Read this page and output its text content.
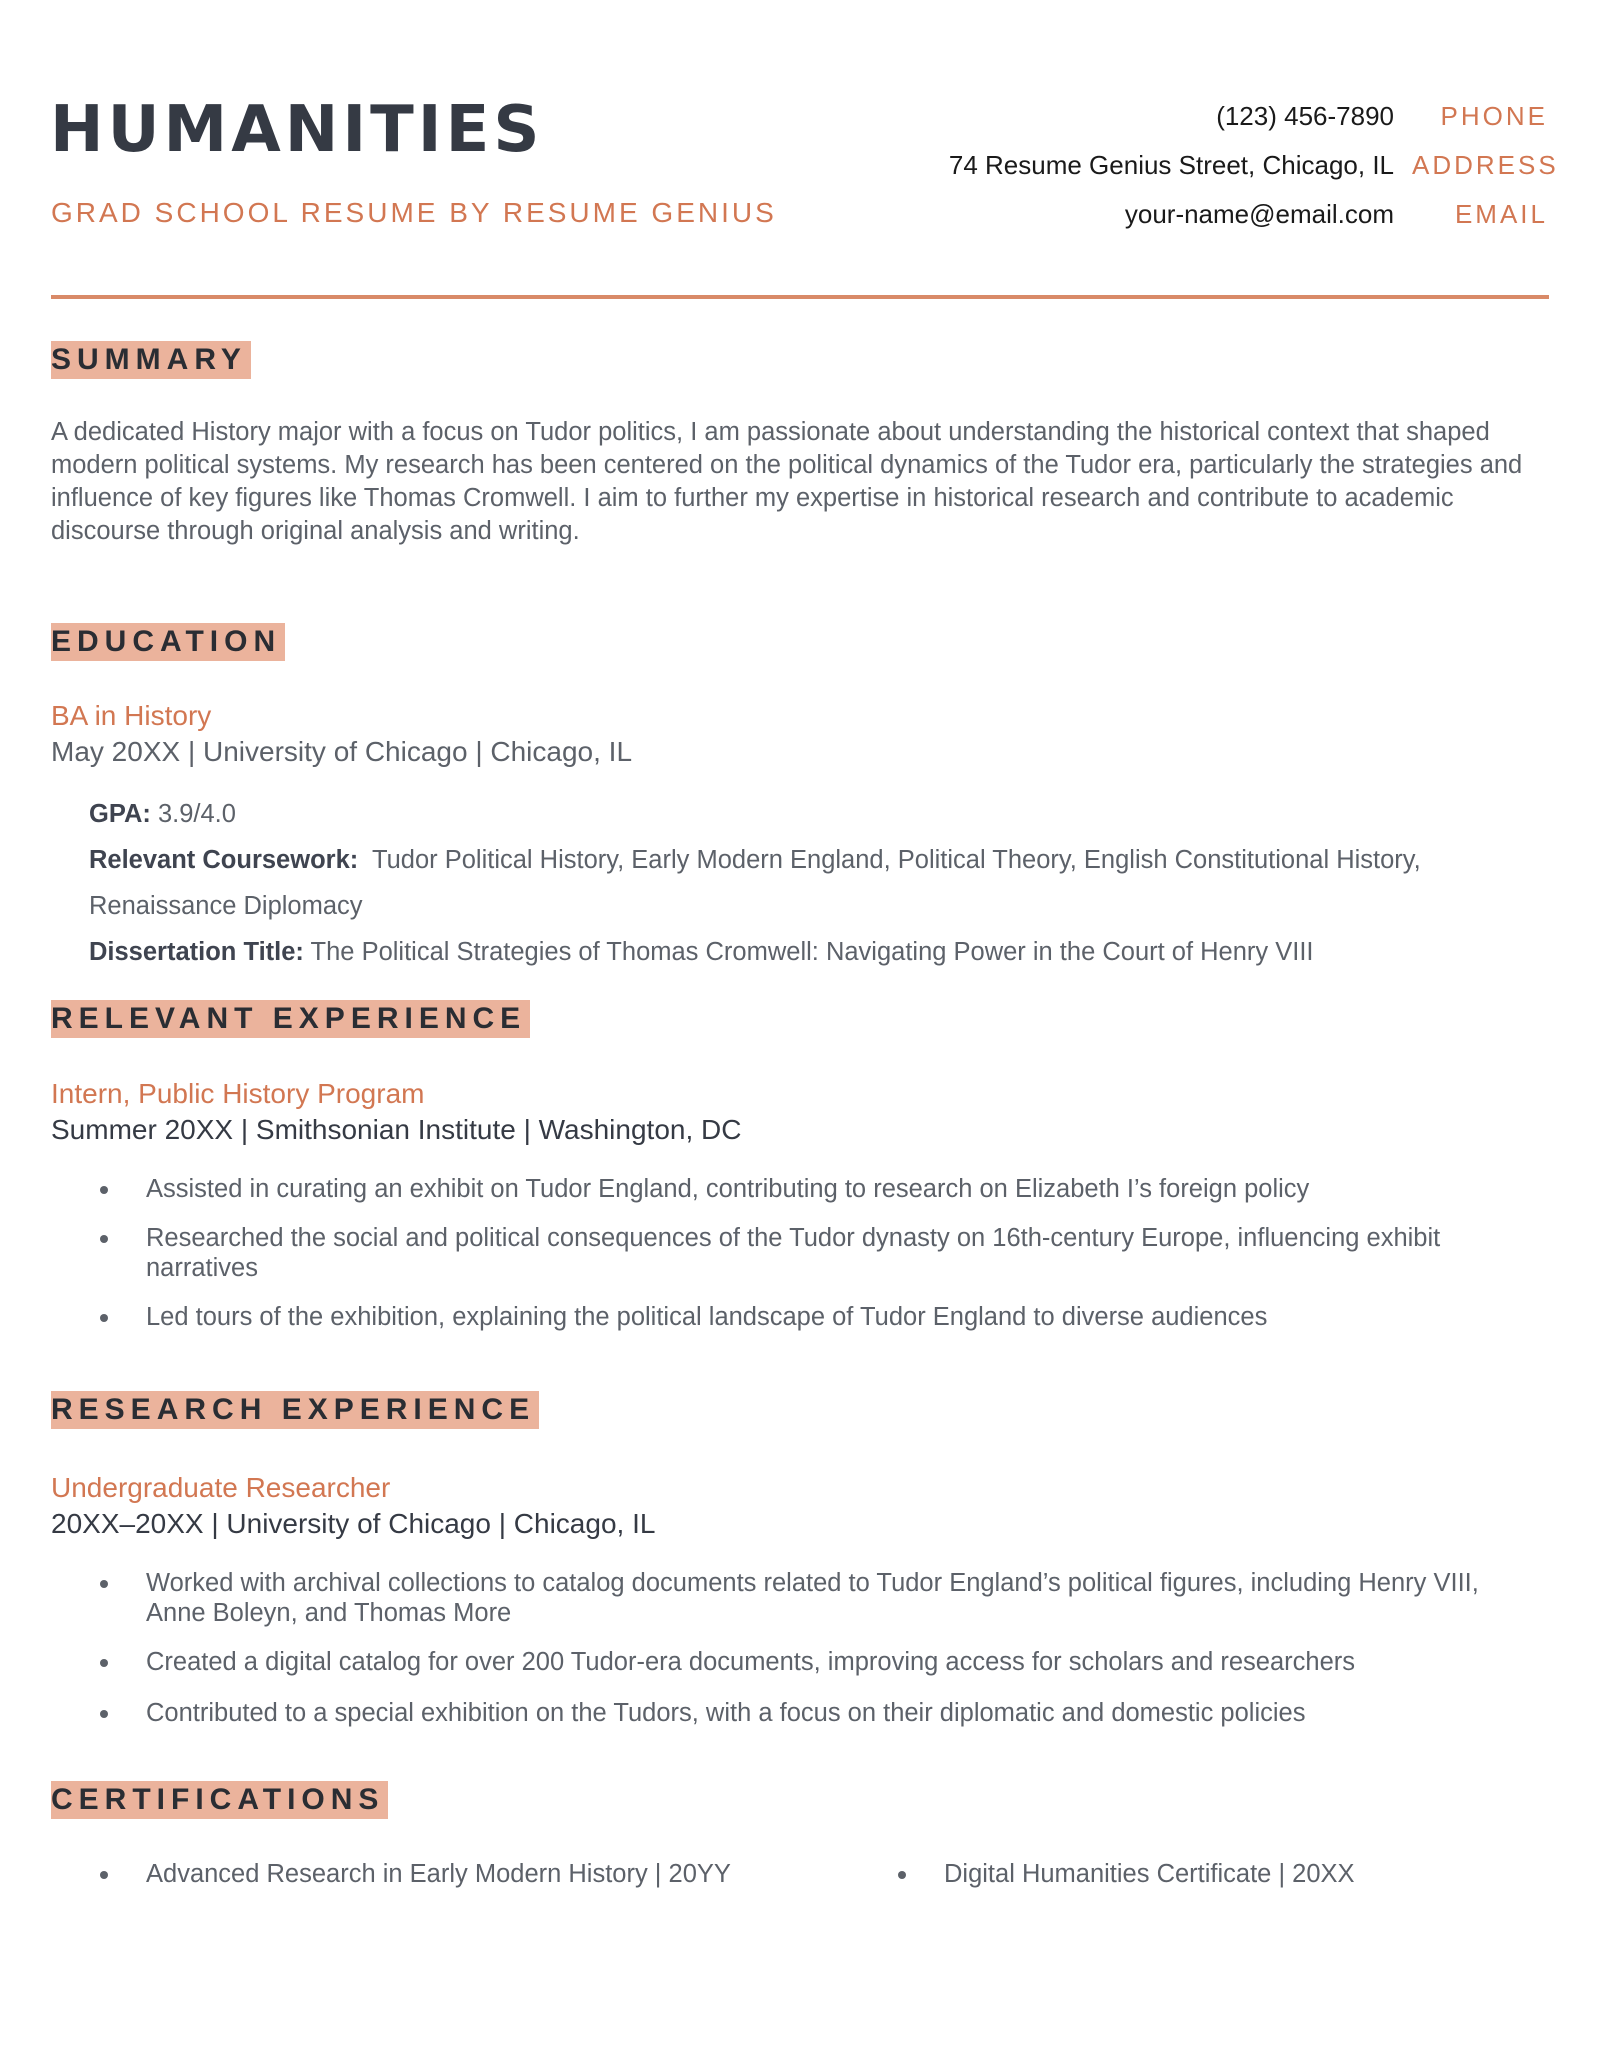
HUMANITIES

GRAD SCHOOL RESUME BY RESUME GENIUS

(123) 456-7890	PHONE
74 Resume Genius Street, Chicago, IL ADDRESS
your-name@email.com	EMAIL
SUMMARY

A dedicated History major with a focus on Tudor politics, I am passionate about understanding the historical context that shaped modern political systems. My research has been centered on the political dynamics of the Tudor era, particularly the strategies and influence of key figures like Thomas Cromwell. I aim to further my expertise in historical research and contribute to academic discourse through original analysis and writing.

EDUCATION

BA in History

May 20XX | University of Chicago | Chicago, IL

GPA: 3.9/4.0

Relevant Coursework: Tudor Political History, Early Modern England, Political Theory, English Constitutional History,

Renaissance Diplomacy

Dissertation Title: The Political Strategies of Thomas Cromwell: Navigating Power in the Court of Henry VIII

RELEVANT EXPERIENCE

Intern, Public History Program

Summer 20XX | Smithsonian Institute | Washington, DC

Assisted in curating an exhibit on Tudor England, contributing to research on Elizabeth I’s foreign policy
Researched the social and political consequences of the Tudor dynasty on 16th-century Europe, influencing exhibit narratives
Led tours of the exhibition, explaining the political landscape of Tudor England to diverse audiences
RESEARCH EXPERIENCE

Undergraduate Researcher

20XX–20XX | University of Chicago | Chicago, IL

Worked with archival collections to catalog documents related to Tudor England’s political figures, including Henry VIII, Anne Boleyn, and Thomas More
Created a digital catalog for over 200 Tudor-era documents, improving access for scholars and researchers
Contributed to a special exhibition on the Tudors, with a focus on their diplomatic and domestic policies
CERTIFICATIONS
Advanced Research in Early Modern History | 20YY	Digital Humanities Certificate | 20XX
